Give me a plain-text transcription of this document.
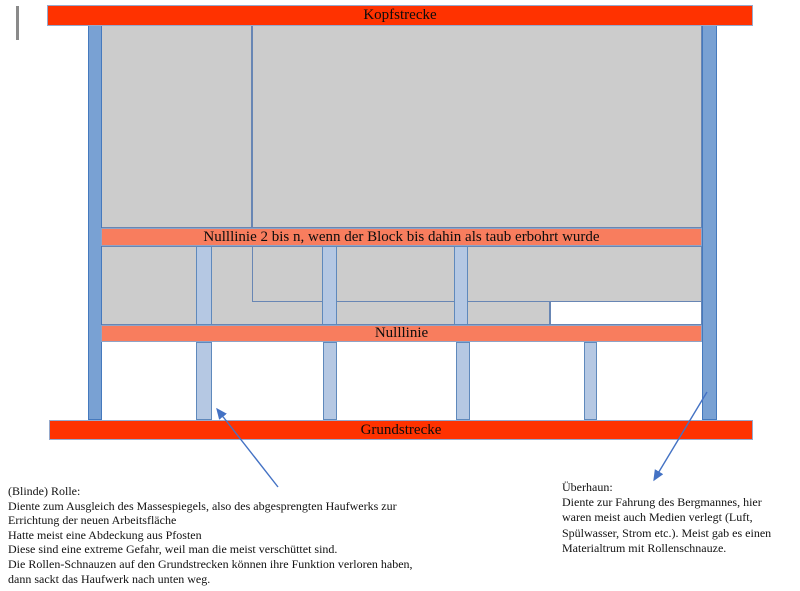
Kopfstrecke
Nulllinie 2 bis n, wenn der Block bis dahin als taub erbohrt wurde
Nulllinie
Grundstrecke
(Blinde) Rolle:
Diente zum Ausgleich des Massespiegels, also des abgesprengten Haufwerks zur
Errichtung der neuen Arbeitsfläche
Hatte meist eine Abdeckung aus Pfosten
Diese sind eine extreme Gefahr, weil man die meist verschüttet sind.
Die Rollen-Schnauzen auf den Grundstrecken können ihre Funktion verloren haben,
dann sackt das Haufwerk nach unten weg.
Überhaun:
Diente zur Fahrung des Bergmannes, hier
waren meist auch Medien verlegt (Luft,
Spülwasser, Strom etc.). Meist gab es einen
Materialtrum mit Rollenschnauze.
